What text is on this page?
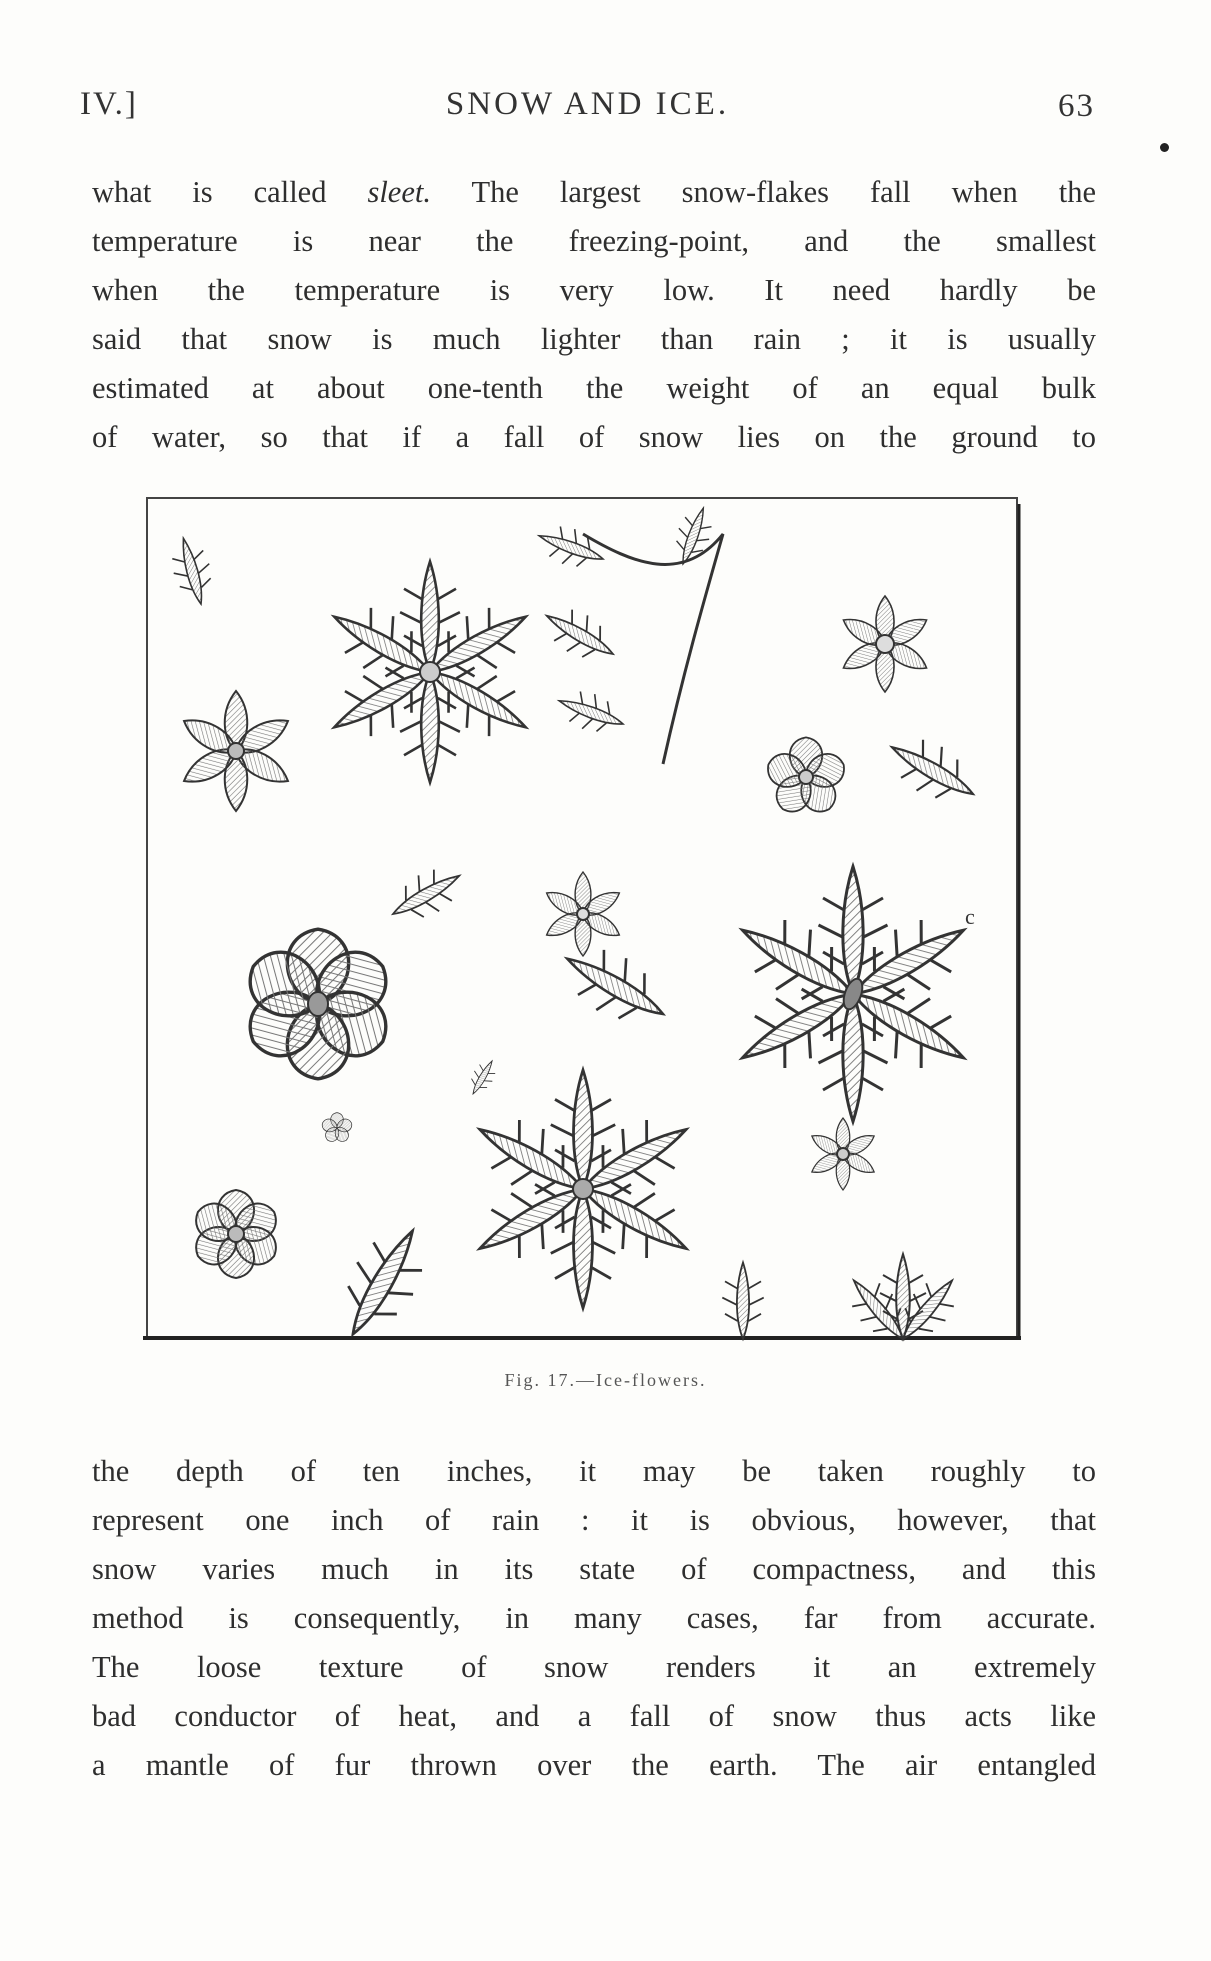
IV.]	SNOW AND ICE.	63
what is called sleet. The largest snow-flakes fall when the
temperature is near the freezing-point, and the smallest
when the temperature is very low. It need hardly be
said that snow is much lighter than rain ; it is usually
estimated at about one-tenth the weight of an equal bulk
of water, so that if a fall of snow lies on the ground to
c
Fig. 17.—Ice-flowers.
the depth of ten inches, it may be taken roughly to
represent one inch of rain : it is obvious, however, that
snow varies much in its state of compactness, and this
method is consequently, in many cases, far from accurate.
The loose texture of snow renders it an extremely
bad conductor of heat, and a fall of snow thus acts like
a mantle of fur thrown over the earth. The air entangled
